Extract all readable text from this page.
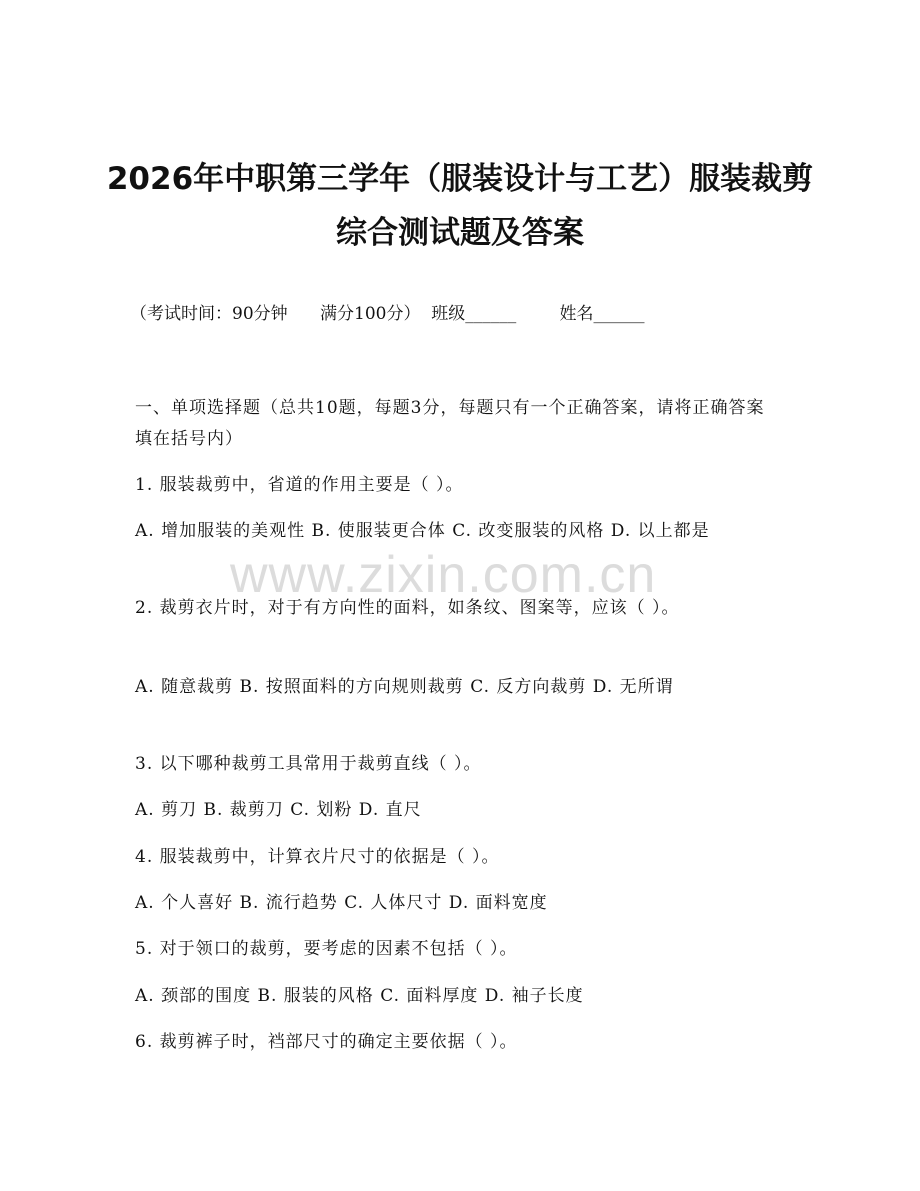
2026年中职第三学年（服装设计与工艺）服装裁剪综合测试题及答案
（考试时间：90分钟      满分100分）  班级______        姓名______

一、单项选择题（总共10题，每题3分，每题只有一个正确答案，请将正确答案填在括号内）

1. 服装裁剪中，省道的作用主要是（ ）。

A. 增加服装的美观性 B. 使服装更合体 C. 改变服装的风格 D. 以上都是

2. 裁剪衣片时，对于有方向性的面料，如条纹、图案等，应该（ ）。

A. 随意裁剪 B. 按照面料的方向规则裁剪 C. 反方向裁剪 D. 无所谓

3. 以下哪种裁剪工具常用于裁剪直线（ ）。

A. 剪刀 B. 裁剪刀 C. 划粉 D. 直尺

4. 服装裁剪中，计算衣片尺寸的依据是（ ）。

A. 个人喜好 B. 流行趋势 C. 人体尺寸 D. 面料宽度

5. 对于领口的裁剪，要考虑的因素不包括（ ）。

A. 颈部的围度 B. 服装的风格 C. 面料厚度 D. 袖子长度

6. 裁剪裤子时，裆部尺寸的确定主要依据（ ）。

www.zixin.com.cn
